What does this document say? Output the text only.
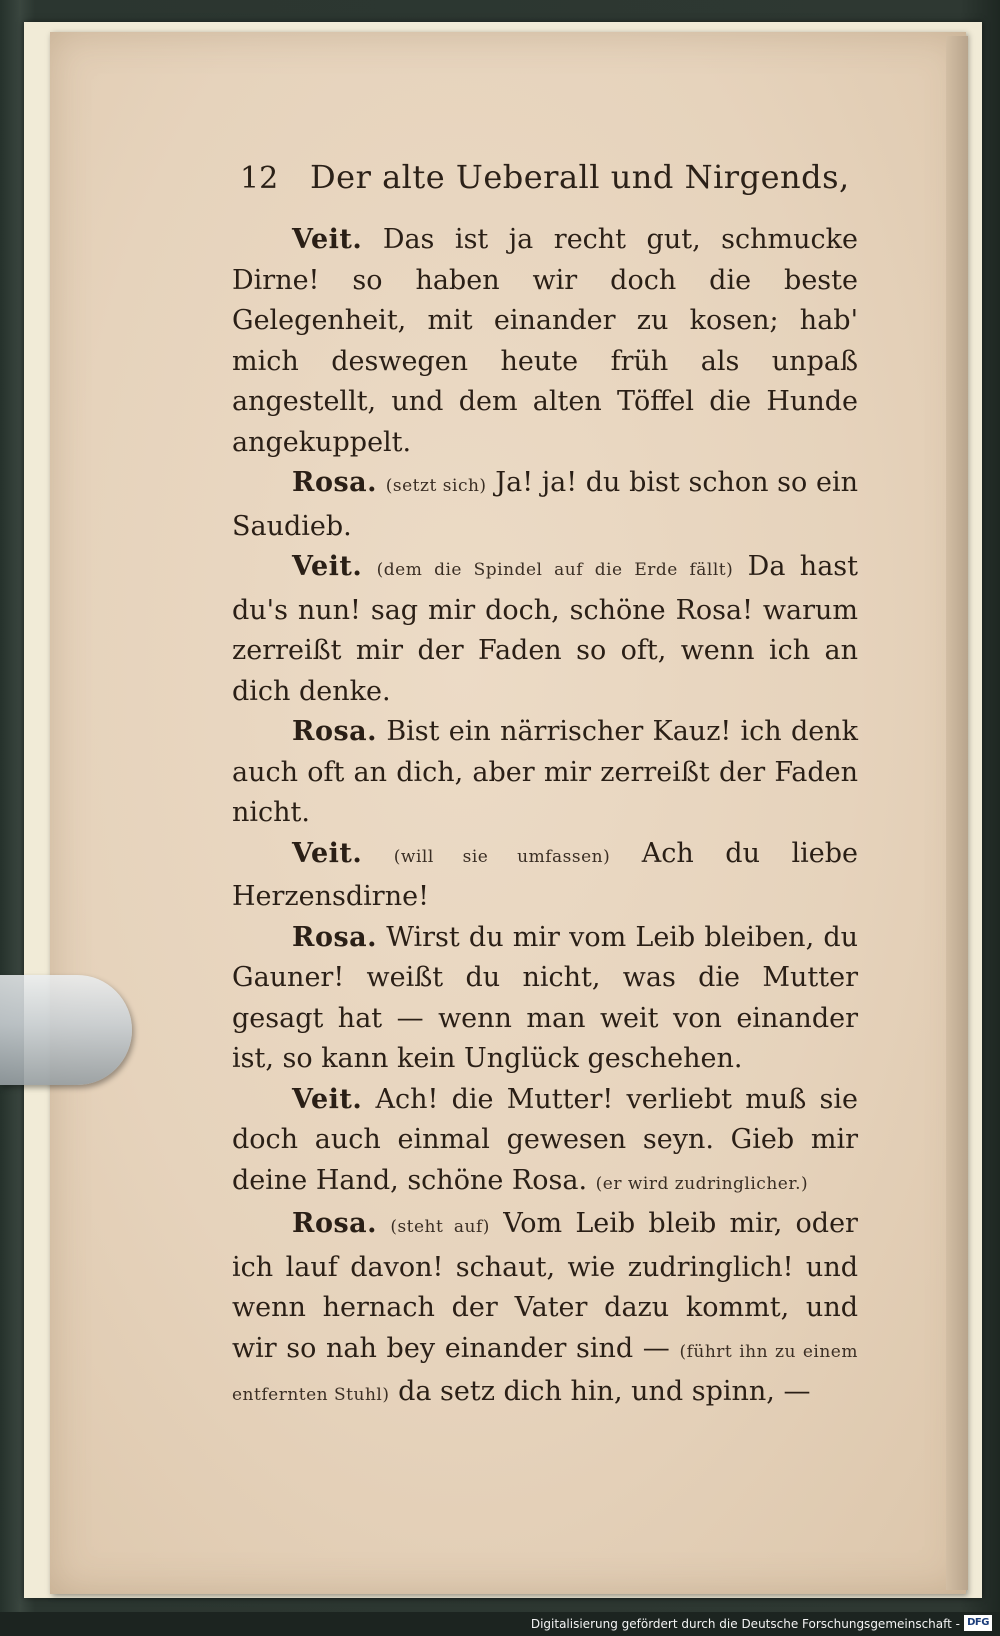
12 Der alte Ueberall und Nirgends,

Veit. Das ist ja recht gut, schmucke Dirne! so haben wir doch die beste Gelegenheit, mit einander zu kosen; hab' mich deswegen heute früh als unpaß angestellt, und dem alten Töffel die Hunde angekuppelt.

Rosa. (setzt sich) Ja! ja! du bist schon so ein Saudieb.

Veit. (dem die Spindel auf die Erde fällt) Da hast du's nun! sag mir doch, schöne Rosa! warum zerreißt mir der Faden so oft, wenn ich an dich denke.

Rosa. Bist ein närrischer Kauz! ich denk auch oft an dich, aber mir zerreißt der Faden nicht.

Veit. (will sie umfassen) Ach du liebe Herzensdirne!

Rosa. Wirst du mir vom Leib bleiben, du Gauner! weißt du nicht, was die Mutter gesagt hat — wenn man weit von einander ist, so kann kein Unglück geschehen.

Veit. Ach! die Mutter! verliebt muß sie doch auch einmal gewesen seyn. Gieb mir deine Hand, schöne Rosa. (er wird zudringlicher.)

Rosa. (steht auf) Vom Leib bleib mir, oder ich lauf davon! schaut, wie zudringlich! und wenn hernach der Vater dazu kommt, und wir so nah bey einander sind — (führt ihn zu einem entfernten Stuhl) da setz dich hin, und spinn, —

Digitalisierung gefördert durch die Deutsche Forschungsgemeinschaft - DFG
